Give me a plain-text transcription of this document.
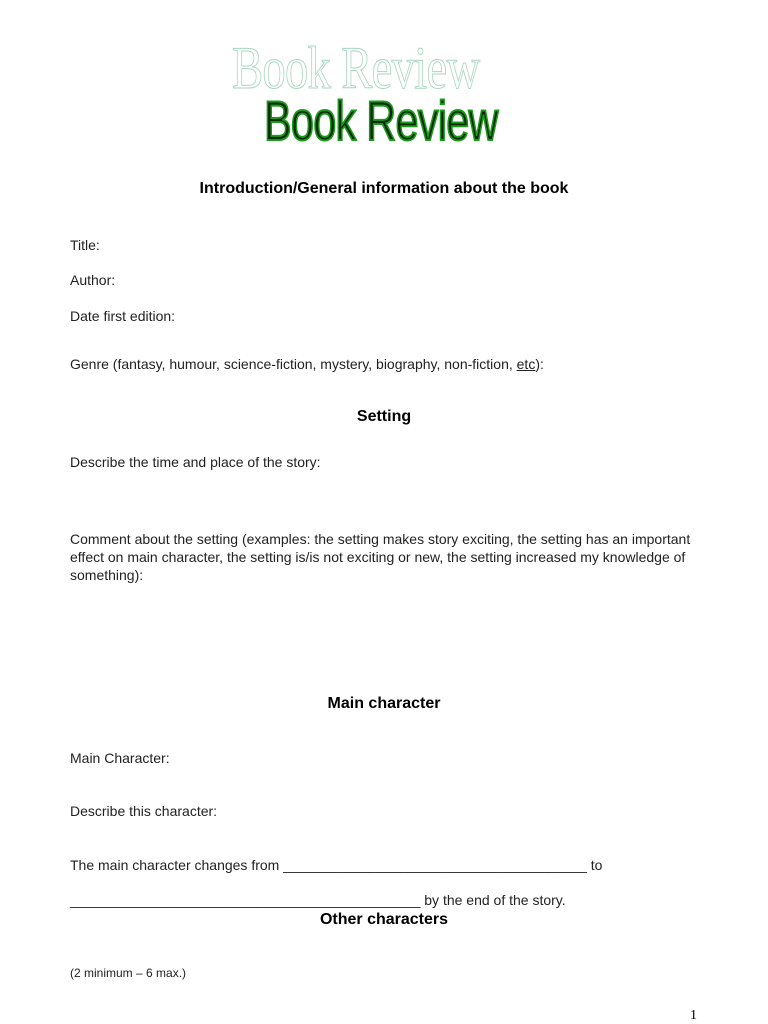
Book Review
Book Review
Introduction/General information about the book
Title:
Author:
Date first edition:
Genre (fantasy, humour, science-fiction, mystery, biography, non-fiction, etc):
Setting
Describe the time and place of the story:
Comment about the setting (examples: the setting makes story exciting, the setting has an important effect on main character, the setting is/is not exciting or new, the setting increased my knowledge of something):
Main character
Main Character:
Describe this character:
The main character changes from _______________________________________ to
_____________________________________________ by the end of the story.
Other characters
(2 minimum – 6 max.)
1
